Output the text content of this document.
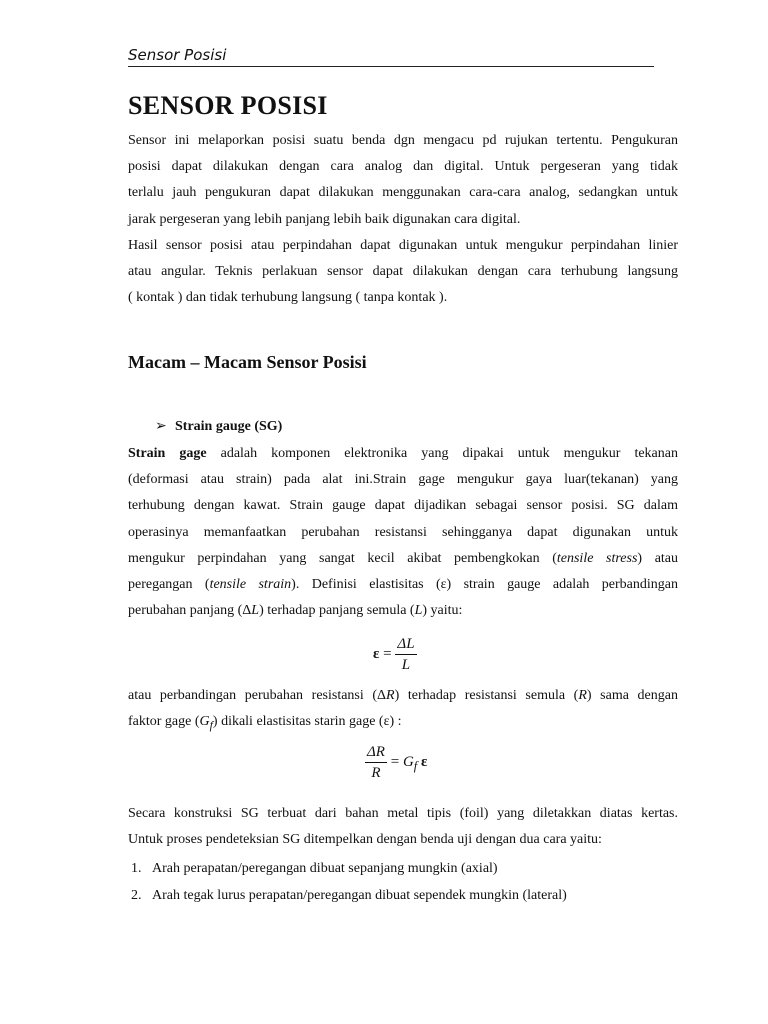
Sensor Posisi
SENSOR POSISI
Sensor ini melaporkan posisi suatu benda dgn mengacu pd rujukan tertentu. Pengukuran
posisi dapat dilakukan dengan cara analog dan digital. Untuk pergeseran yang tidak
terlalu jauh pengukuran dapat dilakukan menggunakan cara-cara analog, sedangkan untuk
jarak pergeseran yang lebih panjang lebih baik digunakan cara digital.
Hasil sensor posisi atau perpindahan dapat digunakan untuk mengukur perpindahan linier
atau angular. Teknis perlakuan sensor dapat dilakukan dengan cara terhubung langsung
( kontak ) dan tidak terhubung langsung ( tanpa kontak ).
Macam – Macam Sensor Posisi
➢ Strain gauge (SG)
Strain gage adalah komponen elektronika yang dipakai untuk mengukur tekanan
(deformasi atau strain) pada alat ini.Strain gage mengukur gaya luar(tekanan) yang
terhubung dengan kawat. Strain gauge dapat dijadikan sebagai sensor posisi. SG dalam
operasinya memanfaatkan perubahan resistansi sehingganya dapat digunakan untuk
mengukur perpindahan yang sangat kecil akibat pembengkokan (tensile stress) atau
peregangan (tensile strain). Definisi elastisitas (ε) strain gauge adalah perbandingan
perubahan panjang (ΔL) terhadap panjang semula (L) yaitu:
$\varepsilon = \frac{\Delta L}{L}$
atau perbandingan perubahan resistansi (ΔR) terhadap resistansi semula (R) sama dengan
faktor gage $(G_f)$ dikali elastisitas starin gage (ε) :
$\frac{\Delta R}{R} = G_f$ ε
Secara konstruksi SG terbuat dari bahan metal tipis (foil) yang diletakkan diatas kertas.
Untuk proses pendeteksian SG ditempelkan dengan benda uji dengan dua cara yaitu:
1. Arah perapatan/peregangan dibuat sepanjang mungkin (axial)
2. Arah tegak lurus perapatan/peregangan dibuat sependek mungkin (lateral)
